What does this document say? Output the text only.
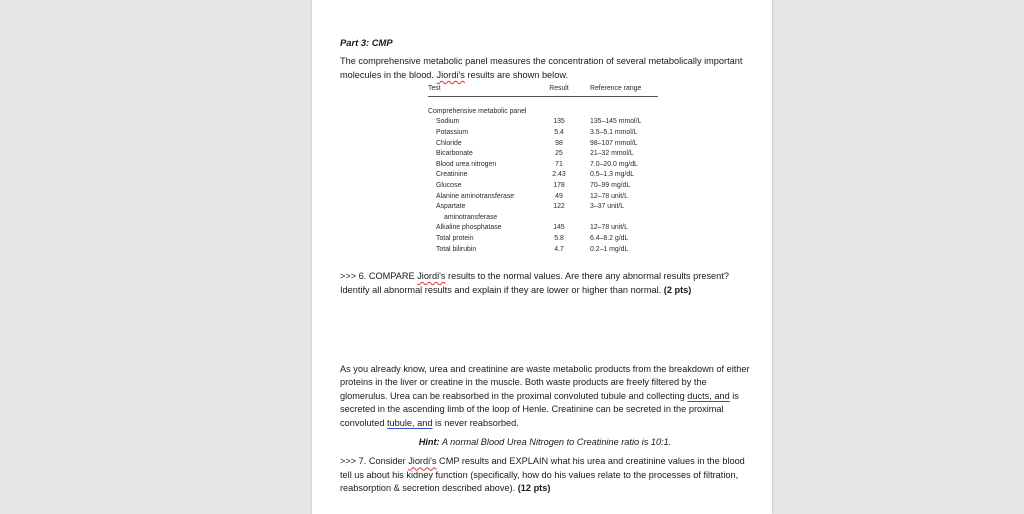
Part 3: CMP

The comprehensive metabolic panel measures the concentration of several metabolically important molecules in the blood. Jiordi's results are shown below.

Test	Result	Reference range
Comprehensive metabolic panel
Sodium	135	135–145 mmol/L
Potassium	5.4	3.5–5.1 mmol/L
Chloride	98	98–107 mmol/L
Bicarbonate	25	21–32 mmol/L
Blood urea nitrogen	71	7.0–20.0 mg/dL
Creatinine	2.43	0.5–1.3 mg/dL
Glucose	178	70–99 mg/dL
Alanine aminotransferase	49	12–78 unit/L
Aspartate	122	3–37 unit/L
aminotransferase
Alkaline phosphatase	145	12–78 unit/L
Total protein	5.8	6.4–8.2 g/dL
Total bilirubin	4.7	0.2–1 mg/dL

>>> 6. COMPARE Jiordi's results to the normal values. Are there any abnormal results present? Identify all abnormal results and explain if they are lower or higher than normal. (2 pts)

As you already know, urea and creatinine are waste metabolic products from the breakdown of either proteins in the liver or creatine in the muscle. Both waste products are freely filtered by the glomerulus. Urea can be reabsorbed in the proximal convoluted tubule and collecting ducts, and is secreted in the ascending limb of the loop of Henle. Creatinine can be secreted in the proximal convoluted tubule, and is never reabsorbed.

Hint: A normal Blood Urea Nitrogen to Creatinine ratio is 10:1.

>>> 7. Consider Jiordi's CMP results and EXPLAIN what his urea and creatinine values in the blood tell us about his kidney function (specifically, how do his values relate to the processes of filtration, reabsorption & secretion described above). (12 pts)
